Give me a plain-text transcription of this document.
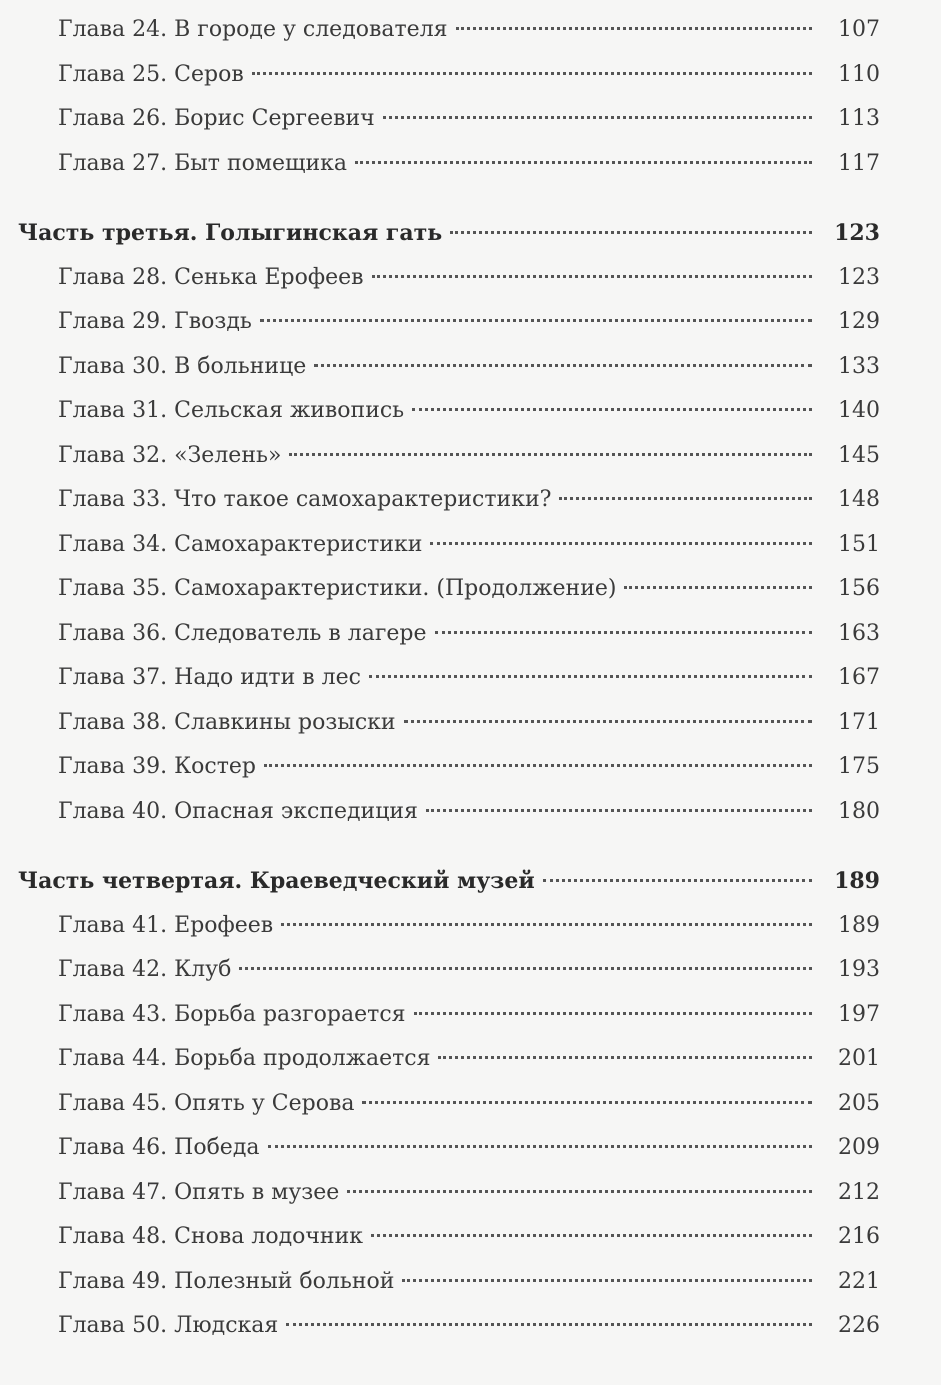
Глава 24. В городе у следователя	107
Глава 25. Серов	110
Глава 26. Борис Сергеевич	113
Глава 27. Быт помещика	117
Часть третья. Голыгинская гать	123
Глава 28. Сенька Ерофеев	123
Глава 29. Гвоздь	129
Глава 30. В больнице	133
Глава 31. Сельская живопись	140
Глава 32. «Зелень»	145
Глава 33. Что такое самохарактеристики?	148
Глава 34. Самохарактеристики	151
Глава 35. Самохарактеристики. (Продолжение)	156
Глава 36. Следователь в лагере	163
Глава 37. Надо идти в лес	167
Глава 38. Славкины розыски	171
Глава 39. Костер	175
Глава 40. Опасная экспедиция	180
Часть четвертая. Краеведческий музей	189
Глава 41. Ерофеев	189
Глава 42. Клуб	193
Глава 43. Борьба разгорается	197
Глава 44. Борьба продолжается	201
Глава 45. Опять у Серова	205
Глава 46. Победа	209
Глава 47. Опять в музее	212
Глава 48. Снова лодочник	216
Глава 49. Полезный больной	221
Глава 50. Людская	226
